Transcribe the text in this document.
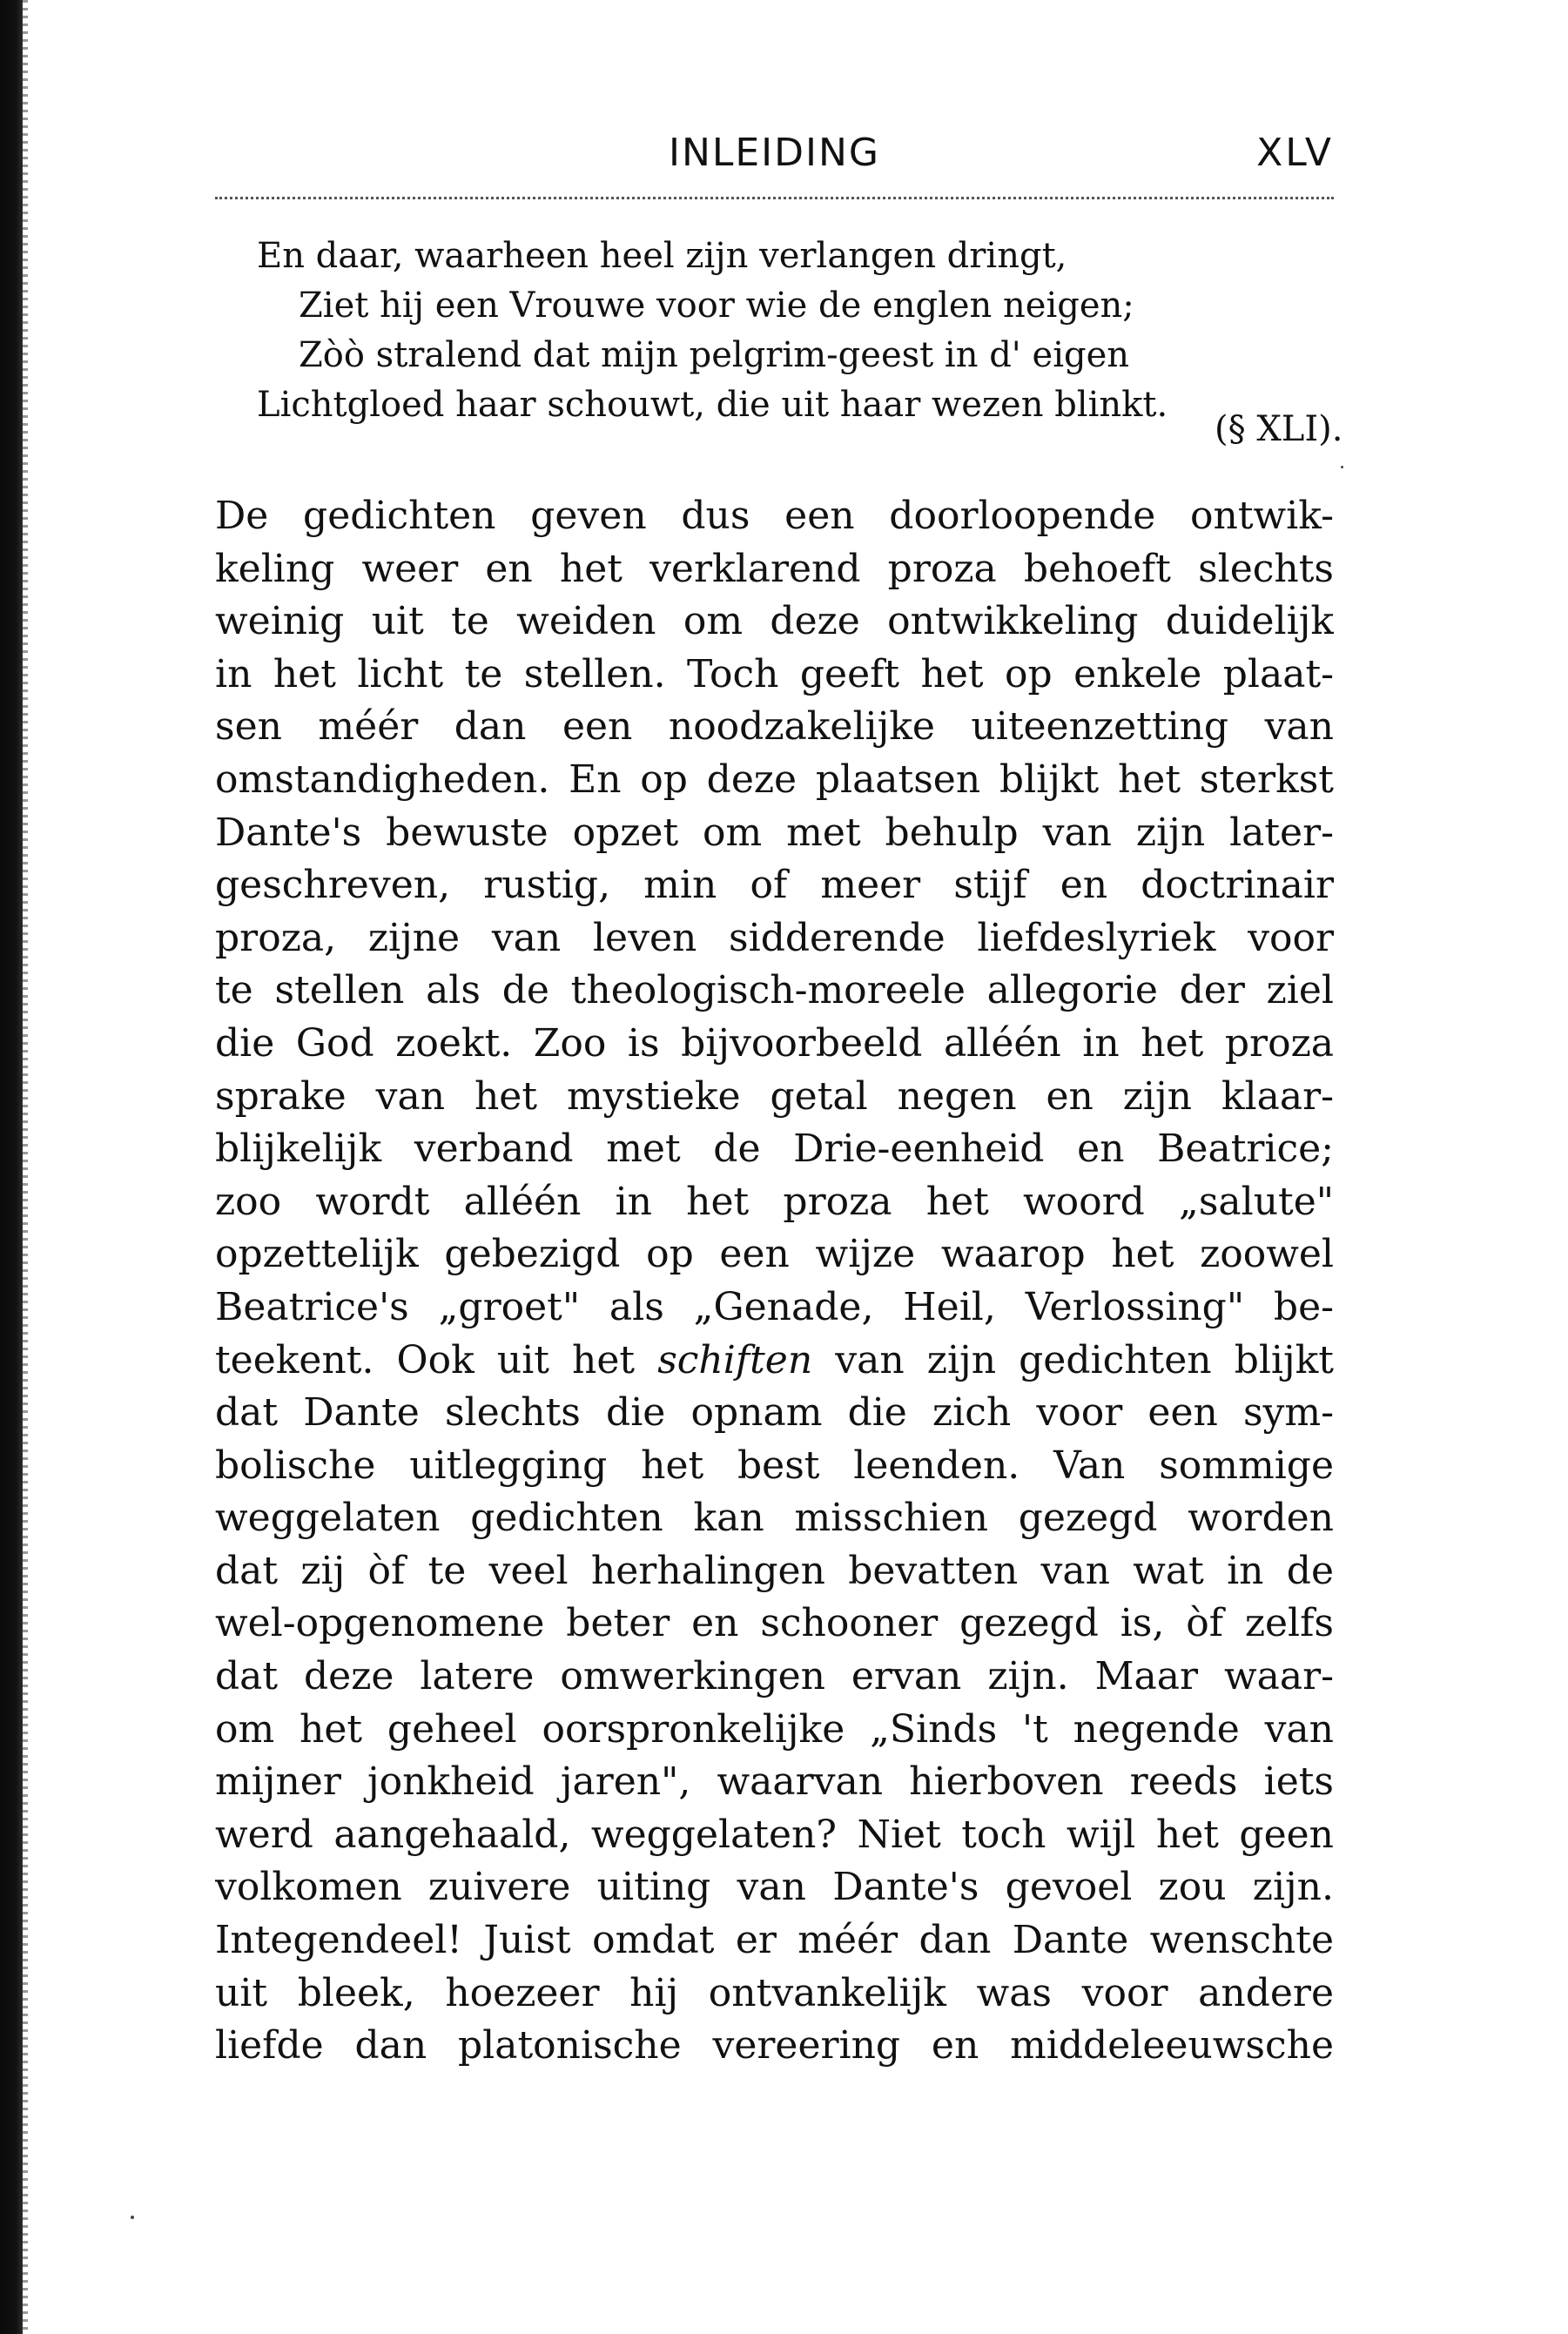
INLEIDING	XLV
En daar, waarheen heel zijn verlangen dringt,
Ziet hij een Vrouwe voor wie de englen neigen;
Zòò stralend dat mijn pelgrim-geest in d' eigen
Lichtgloed haar schouwt, die uit haar wezen blinkt.
(§ XLI).
De gedichten geven dus een doorloopende ontwik-
keling weer en het verklarend proza behoeft slechts
weinig uit te weiden om deze ontwikkeling duidelijk
in het licht te stellen. Toch geeft het op enkele plaat-
sen méér dan een noodzakelijke uiteenzetting van
omstandigheden. En op deze plaatsen blijkt het sterkst
Dante's bewuste opzet om met behulp van zijn later-
geschreven, rustig, min of meer stijf en doctrinair
proza, zijne van leven sidderende liefdeslyriek voor
te stellen als de theologisch-moreele allegorie der ziel
die God zoekt. Zoo is bijvoorbeeld alléén in het proza
sprake van het mystieke getal negen en zijn klaar-
blijkelijk verband met de Drie-eenheid en Beatrice;
zoo wordt alléén in het proza het woord „salute"
opzettelijk gebezigd op een wijze waarop het zoowel
Beatrice's „groet" als „Genade, Heil, Verlossing" be-
teekent. Ook uit het schiften van zijn gedichten blijkt
dat Dante slechts die opnam die zich voor een sym-
bolische uitlegging het best leenden. Van sommige
weggelaten gedichten kan misschien gezegd worden
dat zij òf te veel herhalingen bevatten van wat in de
wel-opgenomene beter en schooner gezegd is, òf zelfs
dat deze latere omwerkingen ervan zijn. Maar waar-
om het geheel oorspronkelijke „Sinds 't negende van
mijner jonkheid jaren", waarvan hierboven reeds iets
werd aangehaald, weggelaten? Niet toch wijl het geen
volkomen zuivere uiting van Dante's gevoel zou zijn.
Integendeel! Juist omdat er méér dan Dante wenschte
uit bleek, hoezeer hij ontvankelijk was voor andere
liefde dan platonische vereering en middeleeuwsche
